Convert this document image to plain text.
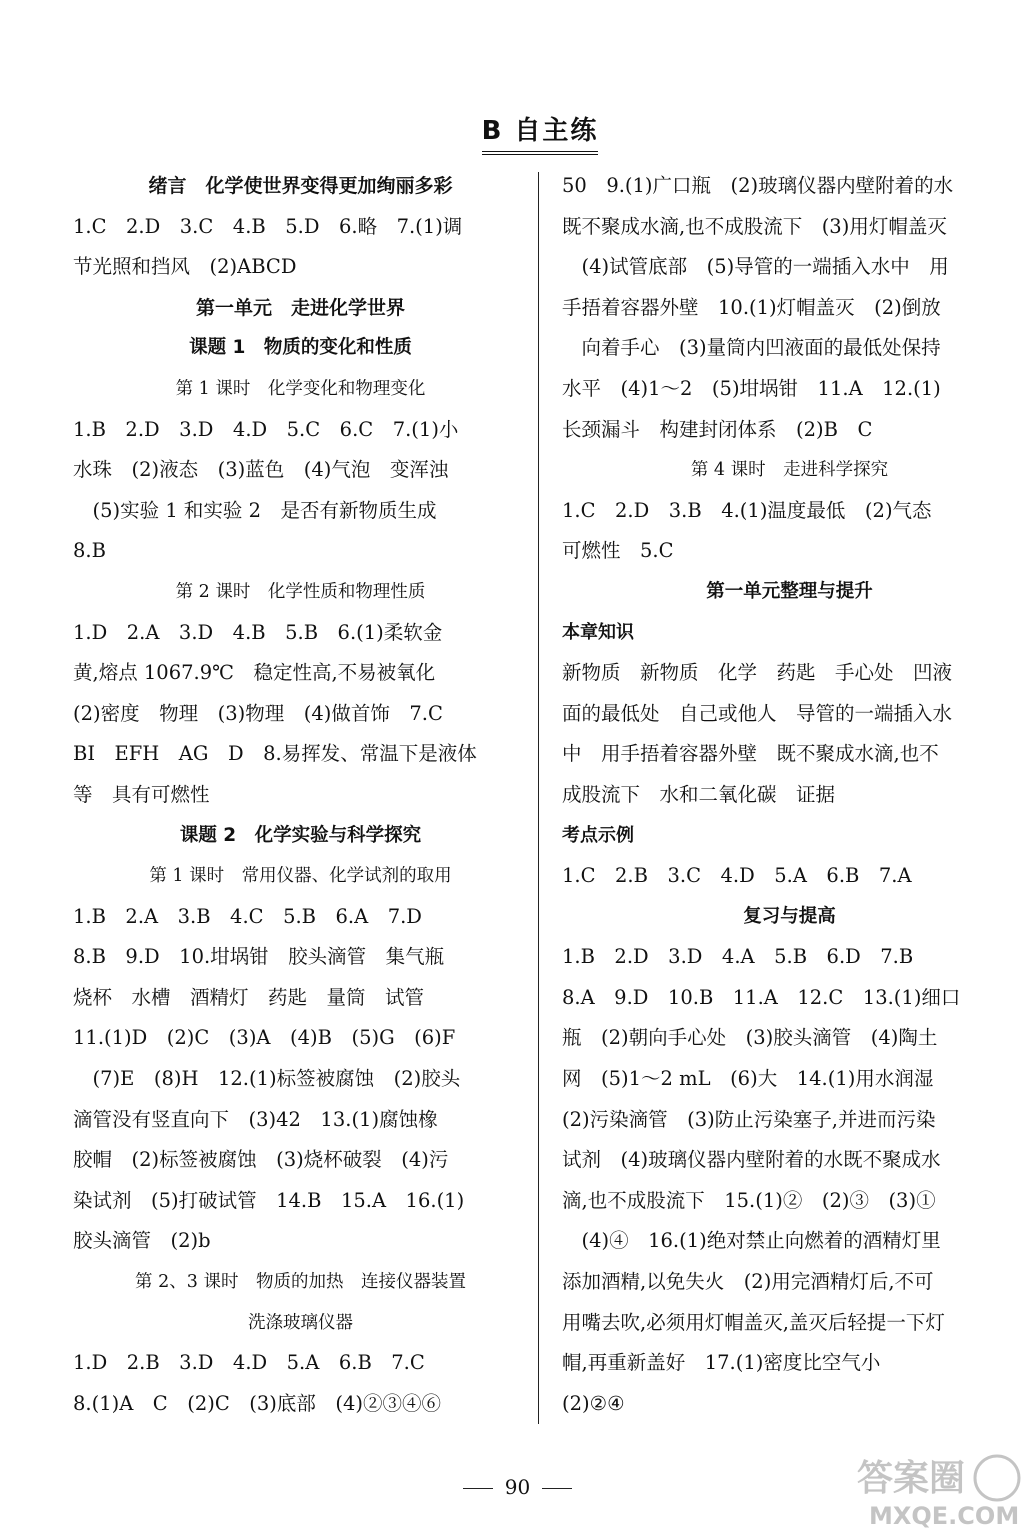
B 自主练
绪言　化学使世界变得更加绚丽多彩
1.C　2.D　3.C　4.B　5.D　6.略　7.(1)调
节光照和挡风　(2)ABCD
第一单元　走进化学世界
课题 1　物质的变化和性质
第 1 课时　化学变化和物理变化
1.B　2.D　3.D　4.D　5.C　6.C　7.(1)小
水珠　(2)液态　(3)蓝色　(4)气泡　变浑浊
　(5)实验 1 和实验 2　是否有新物质生成
8.B
第 2 课时　化学性质和物理性质
1.D　2.A　3.D　4.B　5.B　6.(1)柔软金
黄,熔点 1067.9℃　稳定性高,不易被氧化
(2)密度　物理　(3)物理　(4)做首饰　7.C
BI　EFH　AG　D　8.易挥发、常温下是液体
等　具有可燃性
课题 2　化学实验与科学探究
第 1 课时　常用仪器、化学试剂的取用
1.B　2.A　3.B　4.C　5.B　6.A　7.D
8.B　9.D　10.坩埚钳　胶头滴管　集气瓶
烧杯　水槽　酒精灯　药匙　量筒　试管
11.(1)D　(2)C　(3)A　(4)B　(5)G　(6)F
　(7)E　(8)H　12.(1)标签被腐蚀　(2)胶头
滴管没有竖直向下　(3)42　13.(1)腐蚀橡
胶帽　(2)标签被腐蚀　(3)烧杯破裂　(4)污
染试剂　(5)打破试管　14.B　15.A　16.(1)
胶头滴管　(2)b
第 2、3 课时　物质的加热　连接仪器装置
洗涤玻璃仪器
1.D　2.B　3.D　4.D　5.A　6.B　7.C
8.(1)A　C　(2)C　(3)底部　(4)②③④⑥
50　9.(1)广口瓶　(2)玻璃仪器内壁附着的水
既不聚成水滴,也不成股流下　(3)用灯帽盖灭
　(4)试管底部　(5)导管的一端插入水中　用
手捂着容器外壁　10.(1)灯帽盖灭　(2)倒放
　向着手心　(3)量筒内凹液面的最低处保持
水平　(4)1～2　(5)坩埚钳　11.A　12.(1)
长颈漏斗　构建封闭体系　(2)B　C
第 4 课时　走进科学探究
1.C　2.D　3.B　4.(1)温度最低　(2)气态
可燃性　5.C
第一单元整理与提升
本章知识
新物质　新物质　化学　药匙　手心处　凹液
面的最低处　自己或他人　导管的一端插入水
中　用手捂着容器外壁　既不聚成水滴,也不
成股流下　水和二氧化碳　证据
考点示例
1.C　2.B　3.C　4.D　5.A　6.B　7.A
复习与提高
1.B　2.D　3.D　4.A　5.B　6.D　7.B
8.A　9.D　10.B　11.A　12.C　13.(1)细口
瓶　(2)朝向手心处　(3)胶头滴管　(4)陶土
网　(5)1～2 mL　(6)大　14.(1)用水润湿
(2)污染滴管　(3)防止污染塞子,并进而污染
试剂　(4)玻璃仪器内壁附着的水既不聚成水
滴,也不成股流下　15.(1)②　(2)③　(3)①
　(4)④　16.(1)绝对禁止向燃着的酒精灯里
添加酒精,以免失火　(2)用完酒精灯后,不可
用嘴去吹,必须用灯帽盖灭,盖灭后轻提一下灯
帽,再重新盖好　17.(1)密度比空气小
(2)②④
90	答案圈
MXQE.COM
